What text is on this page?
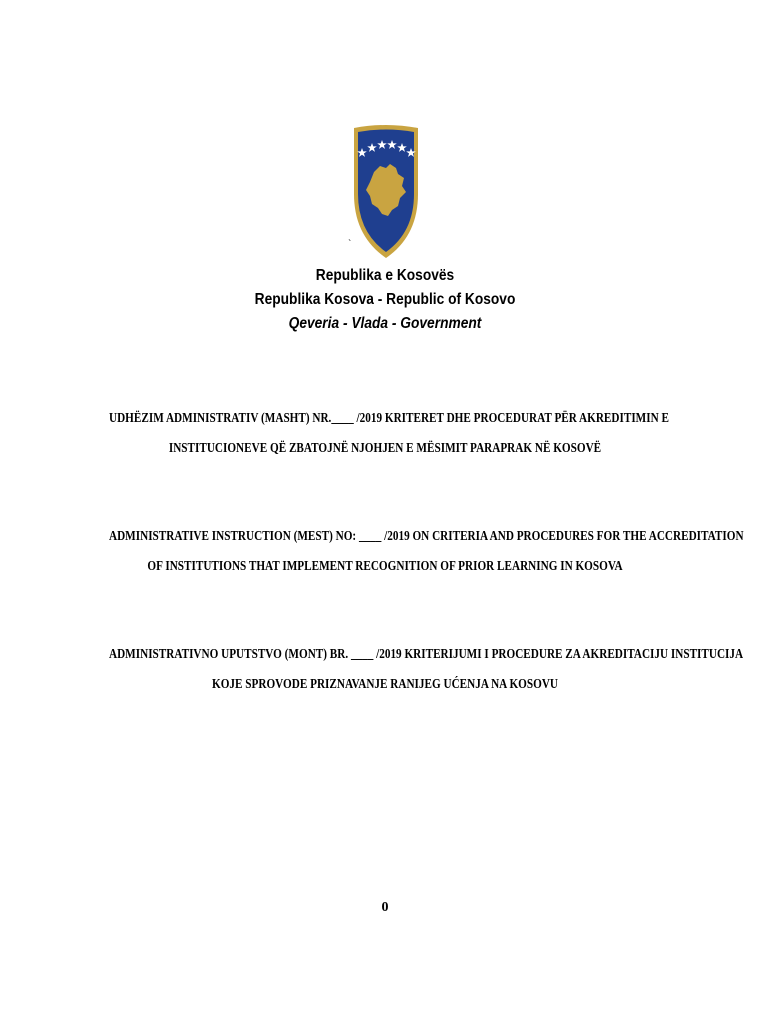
`
Republika e Kosovës
Republika Kosova - Republic of Kosovo
Qeveria - Vlada - Government
UDHËZIM ADMINISTRATIV (MASHT) NR.____ /2019 KRITERET DHE PROCEDURAT PËR AKREDITIMIN E
INSTITUCIONEVE QË ZBATOJNË NJOHJEN E MËSIMIT PARAPRAK NË KOSOVË
ADMINISTRATIVE INSTRUCTION (MEST) NO: ____ /2019 ON CRITERIA AND PROCEDURES FOR THE ACCREDITATION
OF INSTITUTIONS THAT IMPLEMENT RECOGNITION OF PRIOR LEARNING IN KOSOVA
ADMINISTRATIVNO UPUTSTVO (MONT) BR. ____ /2019 KRITERIJUMI I PROCEDURE ZA AKREDITACIJU INSTITUCIJA
KOJE SPROVODE PRIZNAVANJE RANIJEG UĆENJA NA KOSOVU
0
